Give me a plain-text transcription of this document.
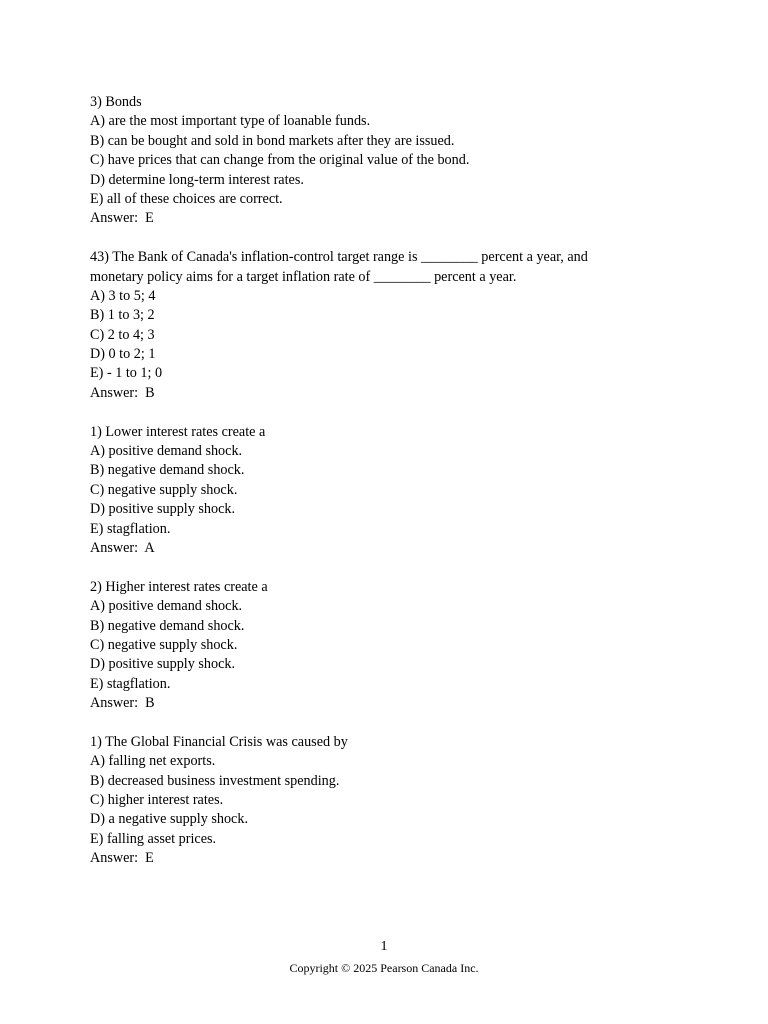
3) Bonds
A) are the most important type of loanable funds.
B) can be bought and sold in bond markets after they are issued.
C) have prices that can change from the original value of the bond.
D) determine long-term interest rates.
E) all of these choices are correct.
Answer:  E
43) The Bank of Canada's inflation-control target range is ________ percent a year, and
monetary policy aims for a target inflation rate of ________ percent a year.
A) 3 to 5; 4
B) 1 to 3; 2
C) 2 to 4; 3
D) 0 to 2; 1
E) - 1 to 1; 0
Answer:  B
1) Lower interest rates create a
A) positive demand shock.
B) negative demand shock.
C) negative supply shock.
D) positive supply shock.
E) stagflation.
Answer:  A
2) Higher interest rates create a
A) positive demand shock.
B) negative demand shock.
C) negative supply shock.
D) positive supply shock.
E) stagflation.
Answer:  B
1) The Global Financial Crisis was caused by
A) falling net exports.
B) decreased business investment spending.
C) higher interest rates.
D) a negative supply shock.
E) falling asset prices.
Answer:  E
1
Copyright © 2025 Pearson Canada Inc.
